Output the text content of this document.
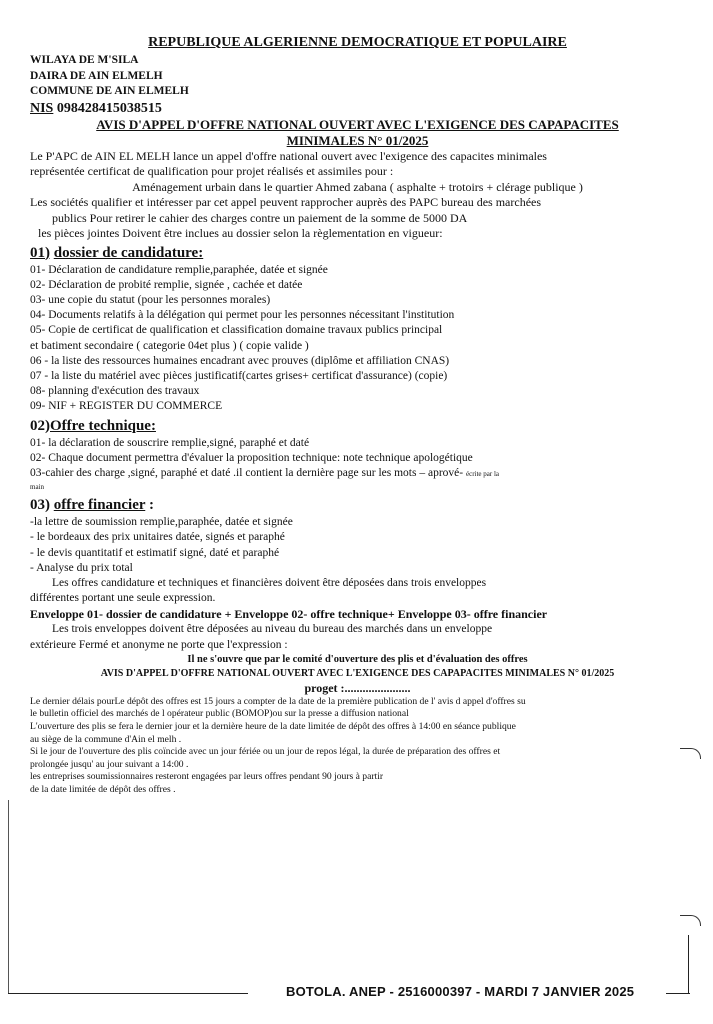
REPUBLIQUE ALGERIENNE DEMOCRATIQUE ET POPULAIRE
WILAYA DE M'SILA
DAIRA DE AIN ELMELH
COMMUNE DE AIN ELMELH
NIS 098428415038515
AVIS D'APPEL D'OFFRE NATIONAL OUVERT AVEC L'EXIGENCE DES CAPAPACITES
MINIMALES N° 01/2025
Le P'APC de AIN EL MELH lance un appel d'offre national ouvert avec l'exigence des capacites minimales
représentée certificat de qualification pour projet réalisés et assimiles pour :
Aménagement urbain dans le quartier Ahmed zabana ( asphalte + trotoirs + clérage publique )
Les sociétés qualifier et intéresser par cet appel peuvent rapprocher auprès des PAPC bureau des marchées
publics Pour retirer le cahier des charges contre un paiement de la somme de 5000 DA
les pièces jointes Doivent être inclues au dossier selon la règlementation en vigueur:
01) dossier de candidature:
01- Déclaration de candidature remplie,paraphée, datée et signée
02- Déclaration de probité remplie, signée , cachée et datée
03- une copie du statut (pour les personnes morales)
04- Documents relatifs à la délégation qui permet pour les personnes nécessitant l'institution
05- Copie de certificat de qualification et classification domaine travaux publics principal
et batiment secondaire ( categorie 04et plus ) ( copie valide )
06 - la liste des ressources humaines encadrant avec prouves (diplôme et affiliation CNAS)
07 - la liste du matériel avec pièces justificatif(cartes grises+ certificat d'assurance) (copie)
08- planning d'exécution des travaux
09- NIF + REGISTER DU COMMERCE
02)Offre technique:
01- la déclaration de souscrire remplie,signé, paraphé et daté
02- Chaque document permettra d'évaluer la proposition technique: note technique apologétique
03-cahier des charge ,signé, paraphé et daté .il contient la dernière page sur les mots – aprové- écrite par la
main
03) offre financier :
-la lettre de soumission remplie,paraphée, datée et signée
- le bordeaux des prix unitaires datée, signés et paraphé
- le devis quantitatif et estimatif signé, daté et paraphé
- Analyse du prix total
Les offres candidature et techniques et financières doivent être déposées dans trois enveloppes
différentes portant une seule expression.
Enveloppe 01- dossier de candidature + Enveloppe 02- offre technique+ Enveloppe 03- offre financier
Les trois enveloppes doivent être déposées au niveau du bureau des marchés dans un enveloppe
extérieure Fermé et anonyme ne porte que l'expression :
Il ne s'ouvre que par le comité d'ouverture des plis et d'évaluation des offres
AVIS D'APPEL D'OFFRE NATIONAL OUVERT AVEC L'EXIGENCE DES CAPAPACITES MINIMALES N° 01/2025
proget :......................
Le dernier délais pourLe dépôt des offres est 15 jours a compter de la date de la première publication de l' avis d appel d'offres su
le bulletin officiel des marchés de l opérateur public (BOMOP)ou sur la presse a diffusion national
L'ouverture des plis se fera le dernier jour et la dernière heure de la date limitée de dépôt des offres à 14:00 en séance publique
au siège de la commune d'Ain el melh .
Si le jour de l'ouverture des plis coïncide avec un jour fériée ou un jour de repos légal, la durée de préparation des offres et
prolongée jusqu' au jour suivant a 14:00 .
les entreprises soumissionnaires resteront engagées par leurs offres pendant 90 jours à partir
de la date limitée de dépôt des offres .
BOTOLA. ANEP - 2516000397 - MARDI 7 JANVIER 2025
